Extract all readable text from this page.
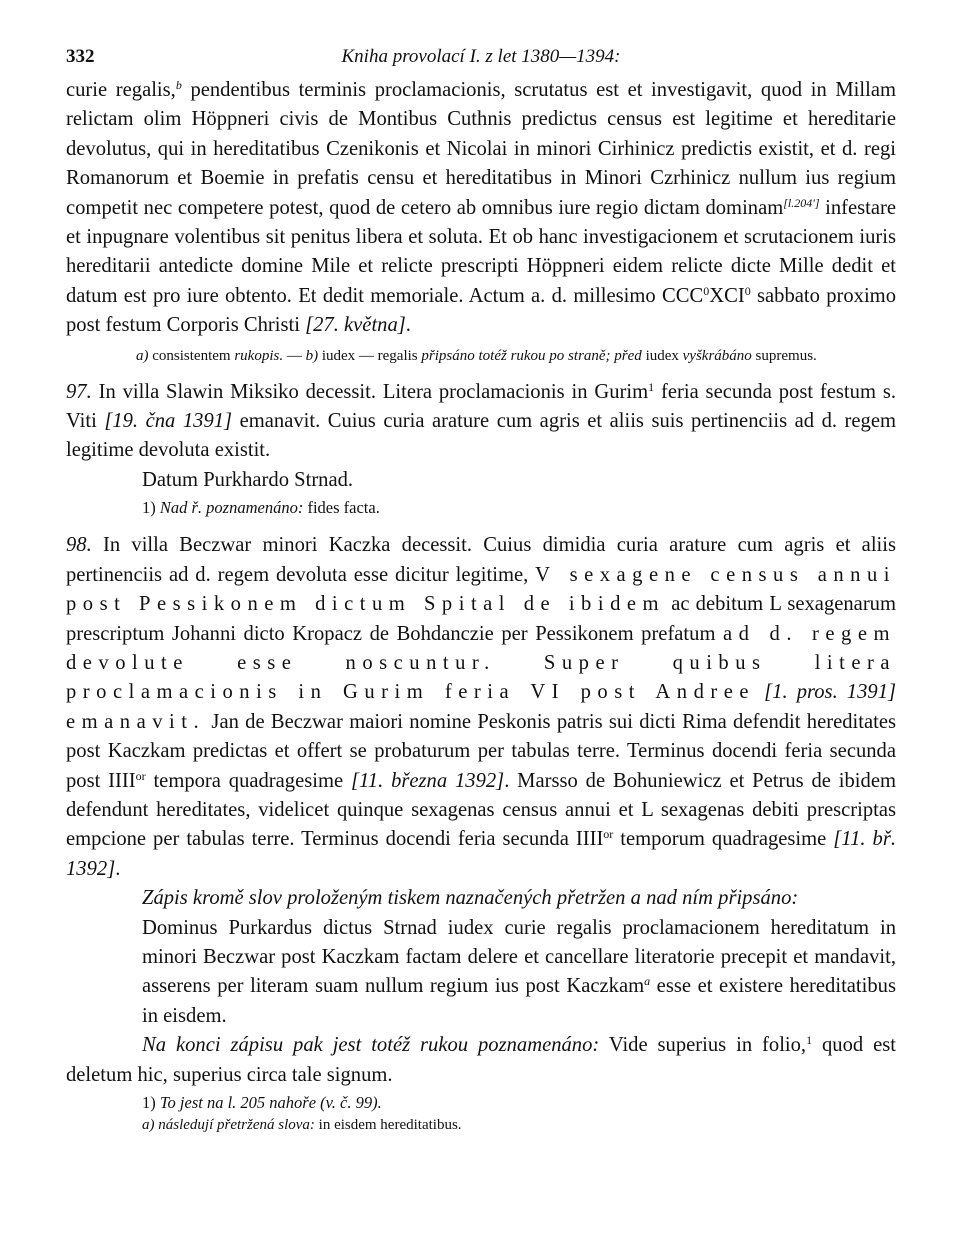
332	Kniha provolací I. z let 1380—1394:

curie regalis,$^b$ pendentibus terminis proclamacionis, scrutatus est et investigavit, quod in Millam relictam olim Höppneri civis de Montibus Cuthnis predictus census est legitime et hereditarie devolutus, qui in hereditatibus Czenikonis et Nicolai in minori Cirhinicz predictis existit, et d. regi Romanorum et Boemie in prefatis censu et hereditatibus in Minori Czrhinicz nullum ius regium competit nec competere potest, quod de cetero ab omnibus iure regio dictam dominam[l.204'] infestare et inpugnare volentibus sit penitus libera et soluta. Et ob hanc investigacionem et scrutacionem iuris hereditarii antedicte domine Mile et relicte prescripti Höppneri eidem relicte dicte Mille dedit et datum est pro iure obtento. Et dedit memoriale. Actum a. d. millesimo CCC$^0$XCI$^0$ sabbato proximo post festum Corporis Christi [27. května].

a) consistentem rukopis. — b) iudex — regalis připsáno totéž rukou po straně; před iudex vyškrábáno supremus.

97. In villa Slawin Miksiko decessit. Litera proclamacionis in Gurim$^1$ feria secunda post festum s. Viti [19. čna 1391] emanavit. Cuius curia arature cum agris et aliis suis pertinenciis ad d. regem legitime devoluta existit.

Datum Purkhardo Strnad.

1) Nad ř. poznamenáno: fides facta.

98. In villa Beczwar minori Kaczka decessit. Cuius dimidia curia arature cum agris et aliis pertinenciis ad d. regem devoluta esse dicitur legitime, V sexagene census annui post Pessikonem dictum Spital de ibidem ac debitum L sexagenarum prescriptum Johanni dicto Kropacz de Bohdanczie per Pessikonem prefatum ad d. regem devolute esse noscuntur. Super quibus litera proclamacionis in Gurim feria VI post Andree [1. pros. 1391] emanavit. Jan de Beczwar maiori nomine Peskonis patris sui dicti Rima defendit hereditates post Kaczkam predictas et offert se probaturum per tabulas terre. Terminus docendi feria secunda post $IIII^{or}$ tempora quadragesime [11. března 1392]. Marsso de Bohuniewicz et Petrus de ibidem defendunt hereditates, videlicet quinque sexagenas census annui et L sexagenas debiti prescriptas empcione per tabulas terre. Terminus docendi feria secunda $IIII^{or}$ temporum quadragesime [11. bř. 1392].

Zápis kromě slov proloženým tiskem naznačených přetržen a nad ním připsáno:

Dominus Purkardus dictus Strnad iudex curie regalis proclamacionem hereditatum in minori Beczwar post Kaczkam factam delere et cancellare literatorie precepit et mandavit, asserens per literam suam nullum regium ius post Kaczkam$^a$ esse et existere hereditatibus in eisdem.

Na konci zápisu pak jest totéž rukou poznamenáno: Vide superius in folio,$^1$ quod est deletum hic, superius circa tale signum.

1) To jest na l. 205 nahoře (v. č. 99).
a) následují přetržená slova: in eisdem hereditatibus.
